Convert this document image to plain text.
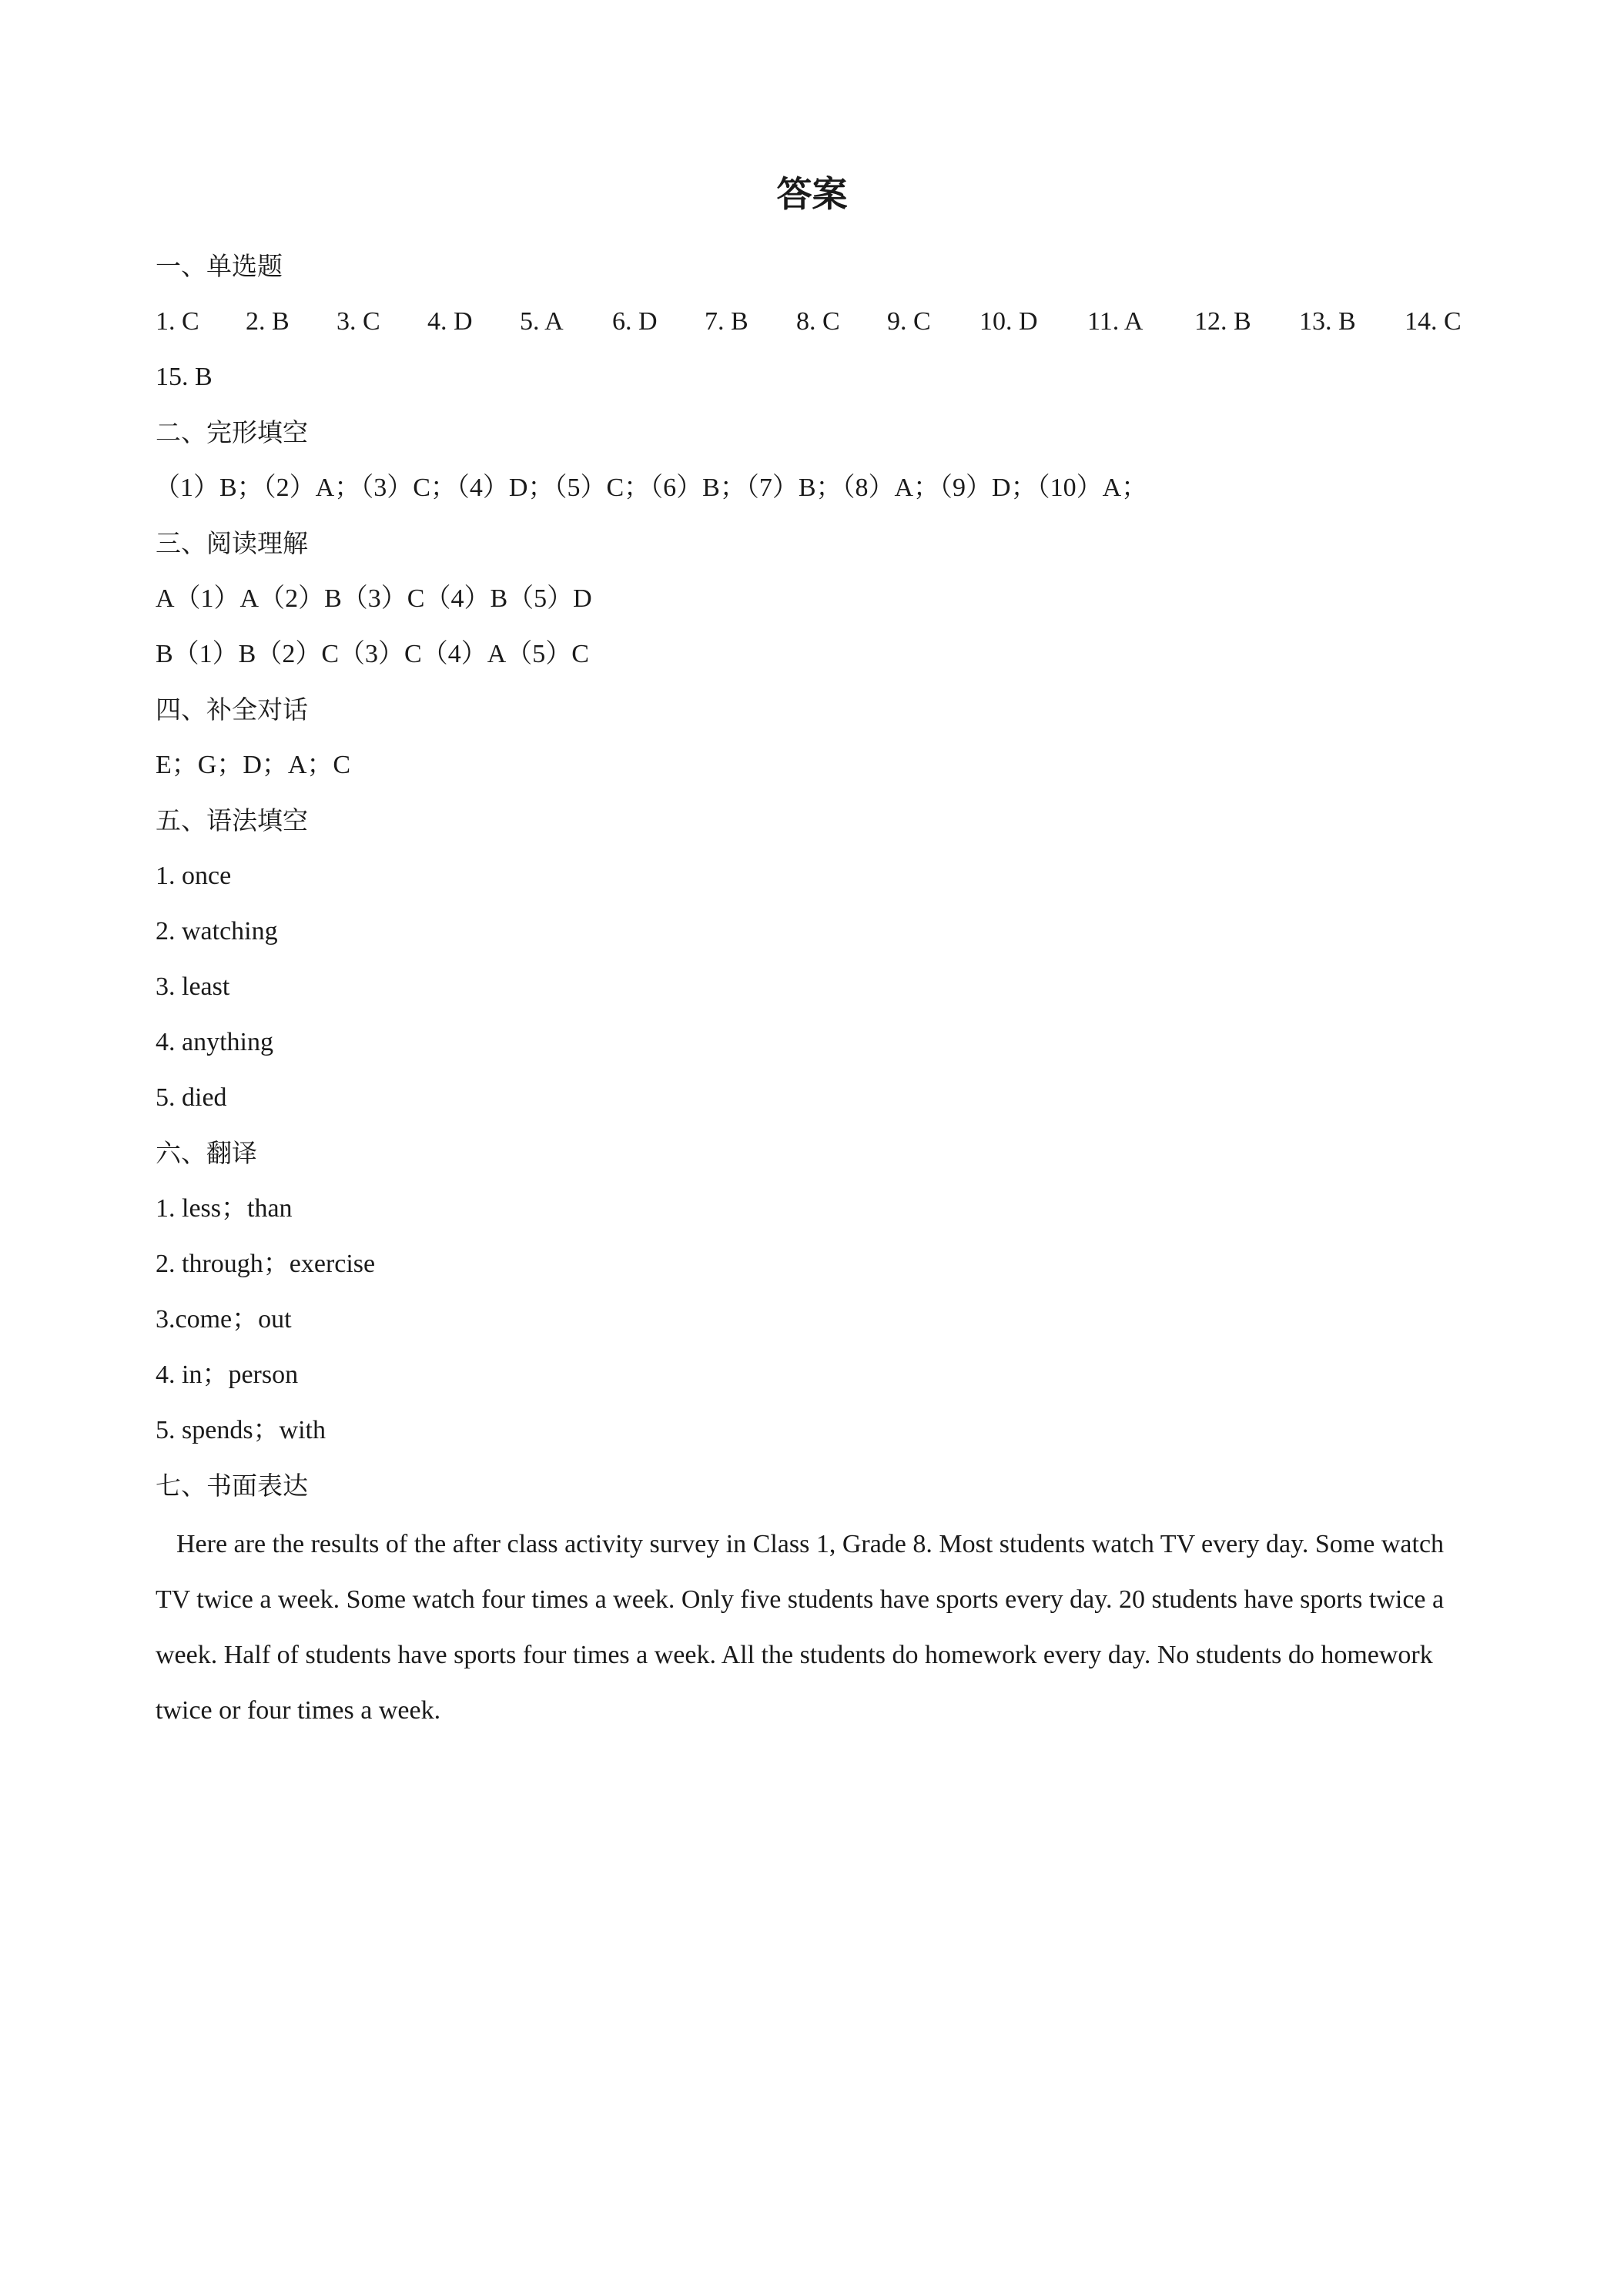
答案
一、单选题
1. C 2. B 3. C 4. D 5. A 6. D 7. B 8. C 9. C 10. D 11. A 12. B 13. B 14. C
15. B
二、完形填空
（1）B；（2）A；（3）C；（4）D；（5）C；（6）B；（7）B；（8）A；（9）D；（10）A；
三、阅读理解
A（1）A（2）B（3）C（4）B（5）D
B（1）B（2）C（3）C（4）A（5）C
四、补全对话
E；G；D；A；C
五、语法填空
1. once
2. watching
3. least
4. anything
5. died
六、翻译
1. less；than
2. through；exercise
3.come；out
4. in；person
5. spends；with
七、书面表达
Here are the results of the after class activity survey in Class 1, Grade 8. Most students watch TV every day. Some watch TV twice a week. Some watch four times a week. Only five students have sports every day. 20 students have sports twice a week. Half of students have sports four times a week. All the students do homework every day. No students do homework twice or four times a week.
